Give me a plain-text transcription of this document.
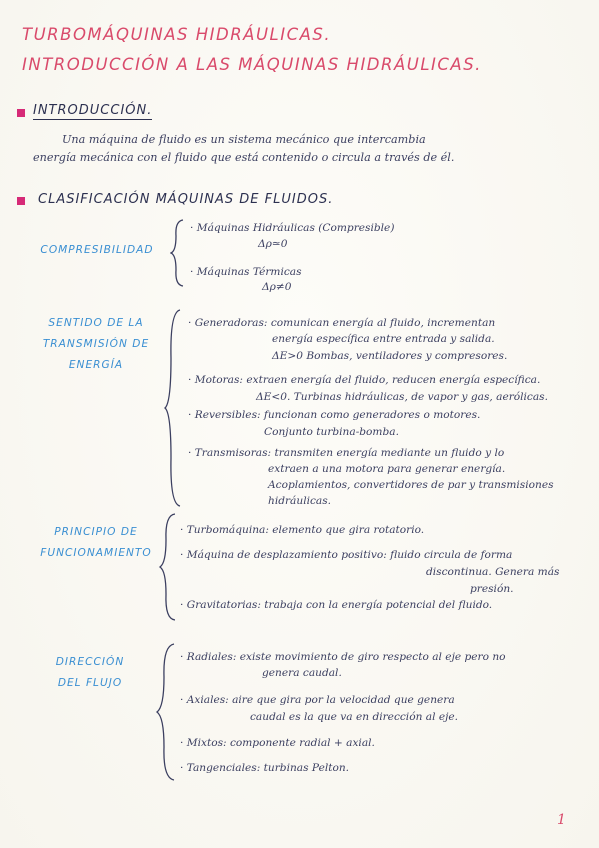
TURBOMÁQUINAS HIDRÁULICAS.
INTRODUCCIÓN A LAS MÁQUINAS HIDRÁULICAS.
INTRODUCCIÓN.
Una máquina de fluido es un sistema mecánico que intercambia
energía mecánica con el fluido que está contenido o circula a través de él.
CLASIFICACIÓN MÁQUINAS DE FLUIDOS.
COMPRESIBILIDAD
· Máquinas Hidráulicas (Compresible)
Δρ≃0
· Máquinas Térmicas
Δρ≠0
SENTIDO DE LA
TRANSMISIÓN DE
ENERGÍA
· Generadoras: comunican energía al fluido, incrementan
energía específica entre entrada y salida.
ΔE>0 Bombas, ventiladores y compresores.
· Motoras: extraen energía del fluido, reducen energía específica.
ΔE<0. Turbinas hidráulicas, de vapor y gas, aerólicas.
· Reversibles: funcionan como generadores o motores.
Conjunto turbina-bomba.
· Transmisoras: transmiten energía mediante un fluido y lo
extraen a una motora para generar energía.
Acoplamientos, convertidores de par y transmisiones
hidráulicas.
PRINCIPIO DE
FUNCIONAMIENTO
· Turbomáquina: elemento que gira rotatorio.
· Máquina de desplazamiento positivo: fluido circula de forma
discontinua. Genera más
presión.
· Gravitatorias: trabaja con la energía potencial del fluido.
DIRECCIÓN
DEL FLUJO
· Radiales: existe movimiento de giro respecto al eje pero no
genera caudal.
· Axiales: aire que gira por la velocidad que genera
caudal es la que va en dirección al eje.
· Mixtos: componente radial + axial.
· Tangenciales: turbinas Pelton.
1
